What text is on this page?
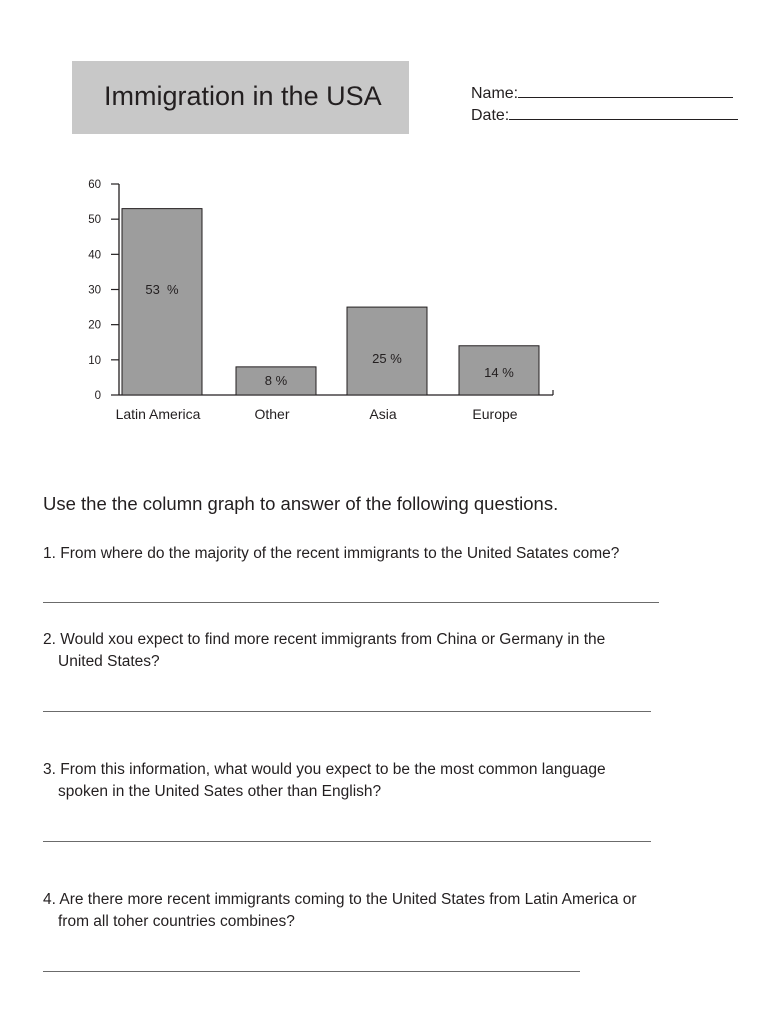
Immigration in the USA	Name:
Date:
0
10
20
30
40
50
60
53  %
Latin America
8 %
Other
25 %
Asia
14 %
Europe
Use the the column graph to answer of the following questions.
1. From where do the majority of the recent immigrants to the United Satates come?
2. Would xou expect to find more recent immigrants from China or Germany in the
United States?
3. From this information, what would you expect to be the most common language
spoken in the United Sates other than English?
4. Are there more recent immigrants coming to the United States from Latin America or
from all toher countries combines?
